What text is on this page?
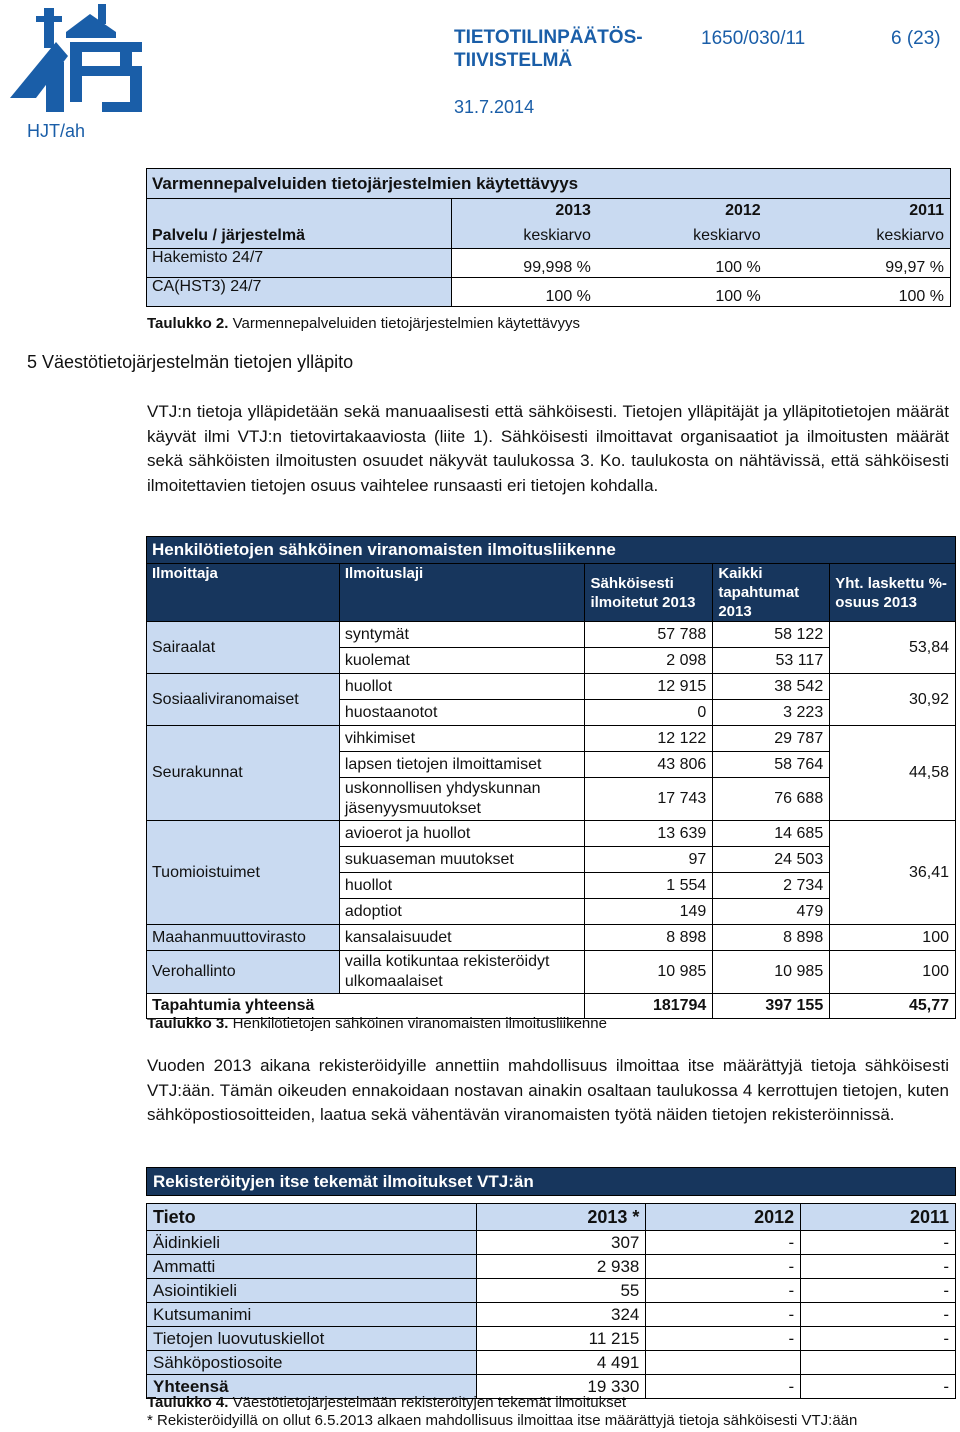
TIETOTILINPÄÄTÖS-
TIIVISTELMÄ
1650/030/11	6 (23)
31.7.2014
HJT/ah
Varmennepalveluiden tietojärjestelmien käytettävyys			
	2013	2012	2011
Palvelu / järjestelmä	keskiarvo	keskiarvo	keskiarvo
Hakemisto 24/7	99,998 %	100 %	99,97 %
CA(HST3) 24/7	100 %	100 %	100 %
Taulukko 2. Varmennepalveluiden tietojärjestelmien käytettävyys
5 Väestötietojärjestelmän tietojen ylläpito
VTJ:n tietoja ylläpidetään sekä manuaalisesti että sähköisesti. Tietojen ylläpitäjät ja ylläpitotietojen määrät käyvät ilmi VTJ:n tietovirtakaaviosta (liite 1). Sähköisesti ilmoittavat organisaatiot ja ilmoitusten määrät sekä sähköisten ilmoitusten osuudet näkyvät taulukossa 3. Ko. taulukosta on nähtävissä, että sähköisesti ilmoitettavien tietojen osuus vaihtelee runsaasti eri tietojen kohdalla.
Henkilötietojen sähköinen viranomaisten ilmoitusliikenne				
Ilmoittaja	Ilmoituslaji	Sähköisesti ilmoitetut 2013	Kaikki tapahtumat 2013	Yht. laskettu %-osuus 2013
Sairaalat	syntymät	57 788	58 122	53,84
	kuolemat	2 098	53 117	
Sosiaaliviranomaiset	huollot	12 915	38 542	30,92
	huostaanotot	0	3 223	
Seurakunnat	vihkimiset	12 122	29 787	44,58
	lapsen tietojen ilmoittamiset	43 806	58 764	
	uskonnollisen yhdyskunnan jäsenyysmuutokset	17 743	76 688	
Tuomioistuimet	avioerot ja huollot	13 639	14 685	36,41
	sukuaseman muutokset	97	24 503	
	huollot	1 554	2 734	
	adoptiot	149	479	
Maahanmuuttovirasto	kansalaisuudet	8 898	8 898	100
Verohallinto	vailla kotikuntaa rekisteröidyt ulkomaalaiset	10 985	10 985	100
Tapahtumia yhteensä		181794	397 155	45,77
Taulukko 3. Henkilötietojen sähköinen viranomaisten ilmoitusliikenne
Vuoden 2013 aikana rekisteröidyille annettiin mahdollisuus ilmoittaa itse määrättyjä tietoja sähköisesti VTJ:ään. Tämän oikeuden ennakoidaan nostavan ainakin osaltaan taulukossa 4 kerrottujen tietojen, kuten sähköpostiosoitteiden, laatua sekä vähentävän viranomaisten työtä näiden tietojen rekisteröinnissä.
Rekisteröityjen itse tekemät ilmoitukset VTJ:än			

Tieto	2013 *	2012	2011
Äidinkieli	307	-	-
Ammatti	2 938	-	-
Asiointikieli	55	-	-
Kutsumanimi	324	-	-
Tietojen luovutuskiellot	11 215	-	-
Sähköpostiosoite	4 491		
Yhteensä	19 330	-	-
Taulukko 4. Väestötietojärjestelmään rekisteröityjen tekemät ilmoitukset
* Rekisteröidyillä on ollut 6.5.2013 alkaen mahdollisuus ilmoittaa itse määrättyjä tietoja sähköisesti VTJ:ään
